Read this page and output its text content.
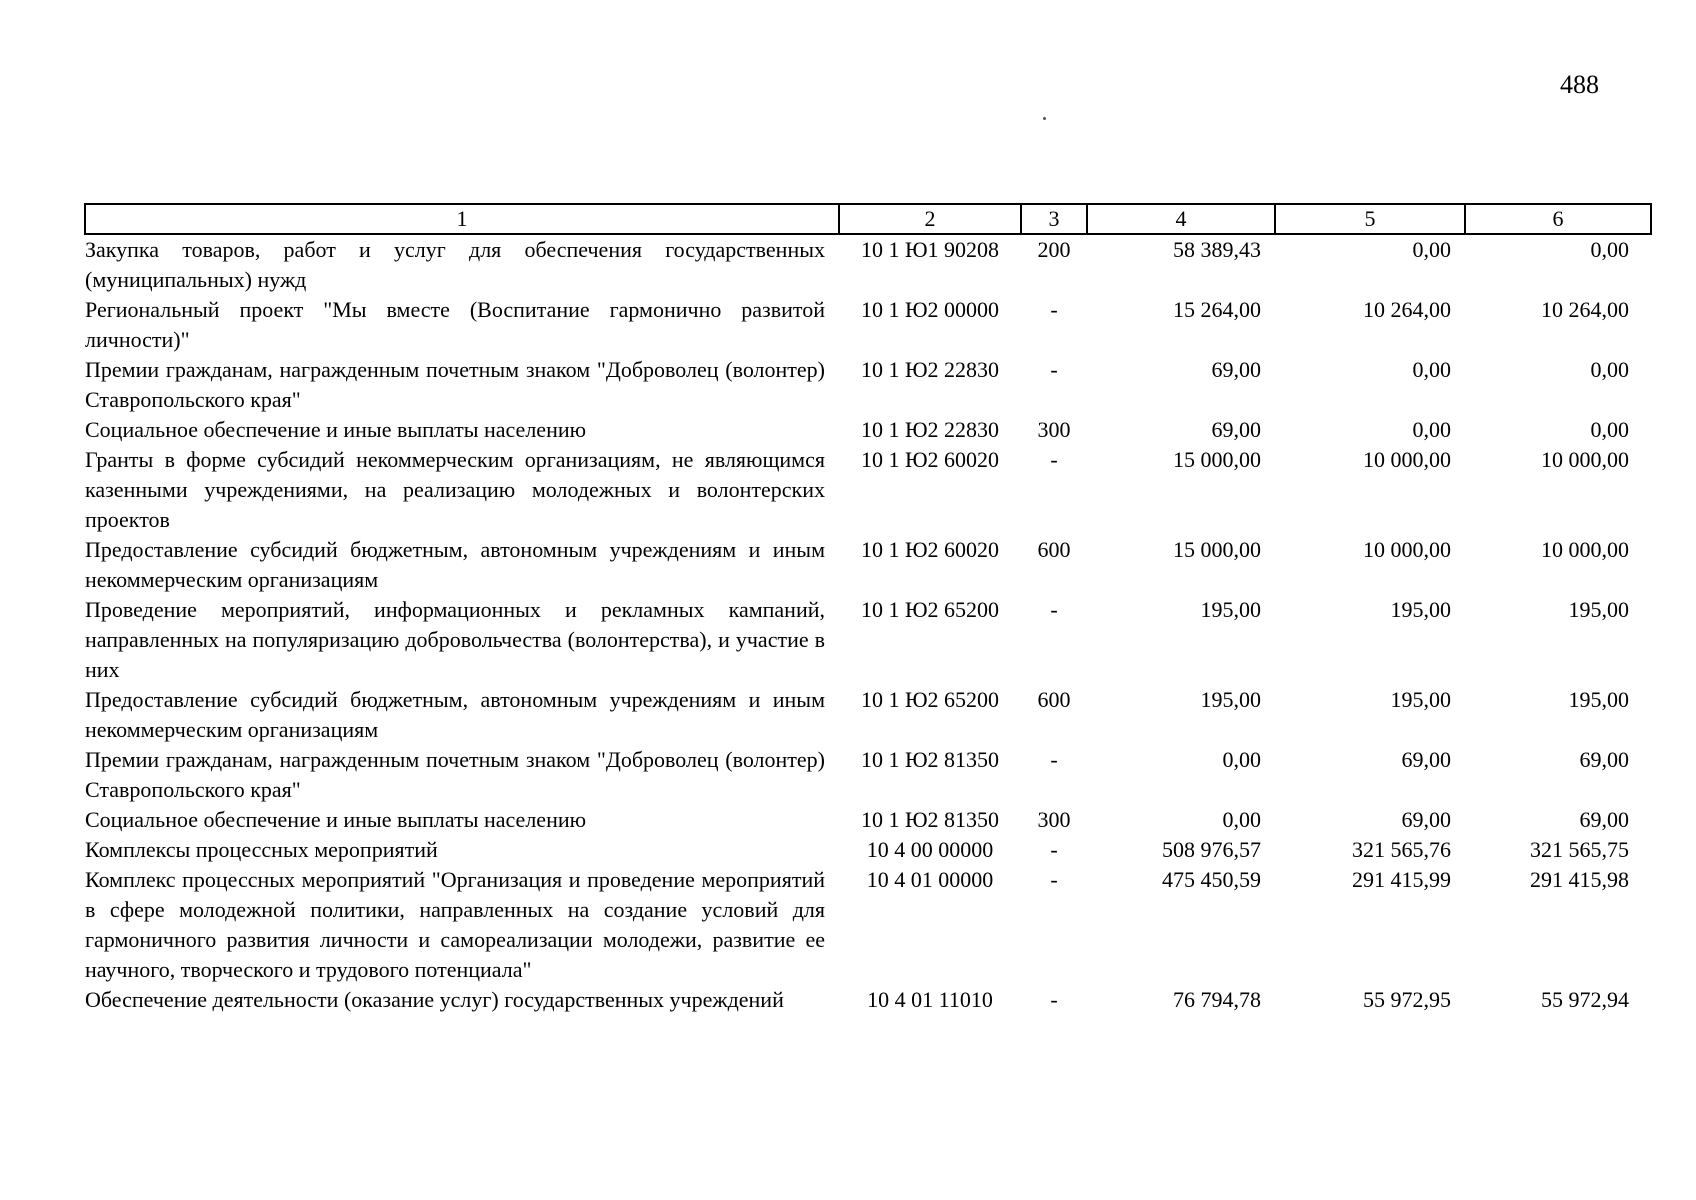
488
1	2	3	4	5	6
Закупка товаров, работ и услуг для обеспечения государственных (муниципальных) нужд	10 1 Ю1 90208	200	58 389,43	0,00	0,00
Региональный проект "Мы вместе (Воспитание гармонично развитой личности)"	10 1 Ю2 00000	-	15 264,00	10 264,00	10 264,00
Премии гражданам, награжденным почетным знаком "Доброволец (волонтер) Ставропольского края"	10 1 Ю2 22830	-	69,00	0,00	0,00
Социальное обеспечение и иные выплаты населению	10 1 Ю2 22830	300	69,00	0,00	0,00
Гранты в форме субсидий некоммерческим организациям, не являющимся казенными учреждениями, на реализацию молодежных и волонтерских проектов	10 1 Ю2 60020	-	15 000,00	10 000,00	10 000,00
Предоставление субсидий бюджетным, автономным учреждениям и иным некоммерческим организациям	10 1 Ю2 60020	600	15 000,00	10 000,00	10 000,00
Проведение мероприятий, информационных и рекламных кампаний, направленных на популяризацию добровольчества (волонтерства), и участие в них	10 1 Ю2 65200	-	195,00	195,00	195,00
Предоставление субсидий бюджетным, автономным учреждениям и иным некоммерческим организациям	10 1 Ю2 65200	600	195,00	195,00	195,00
Премии гражданам, награжденным почетным знаком "Доброволец (волонтер) Ставропольского края"	10 1 Ю2 81350	-	0,00	69,00	69,00
Социальное обеспечение и иные выплаты населению	10 1 Ю2 81350	300	0,00	69,00	69,00
Комплексы процессных мероприятий	10 4 00 00000	-	508 976,57	321 565,76	321 565,75
Комплекс процессных мероприятий "Организация и проведение мероприятий в сфере молодежной политики, направленных на создание условий для гармоничного развития личности и самореализации молодежи, развитие ее научного, творческого и трудового потенциала"	10 4 01 00000	-	475 450,59	291 415,99	291 415,98
Обеспечение деятельности (оказание услуг) государственных учреждений	10 4 01 11010	-	76 794,78	55 972,95	55 972,94
